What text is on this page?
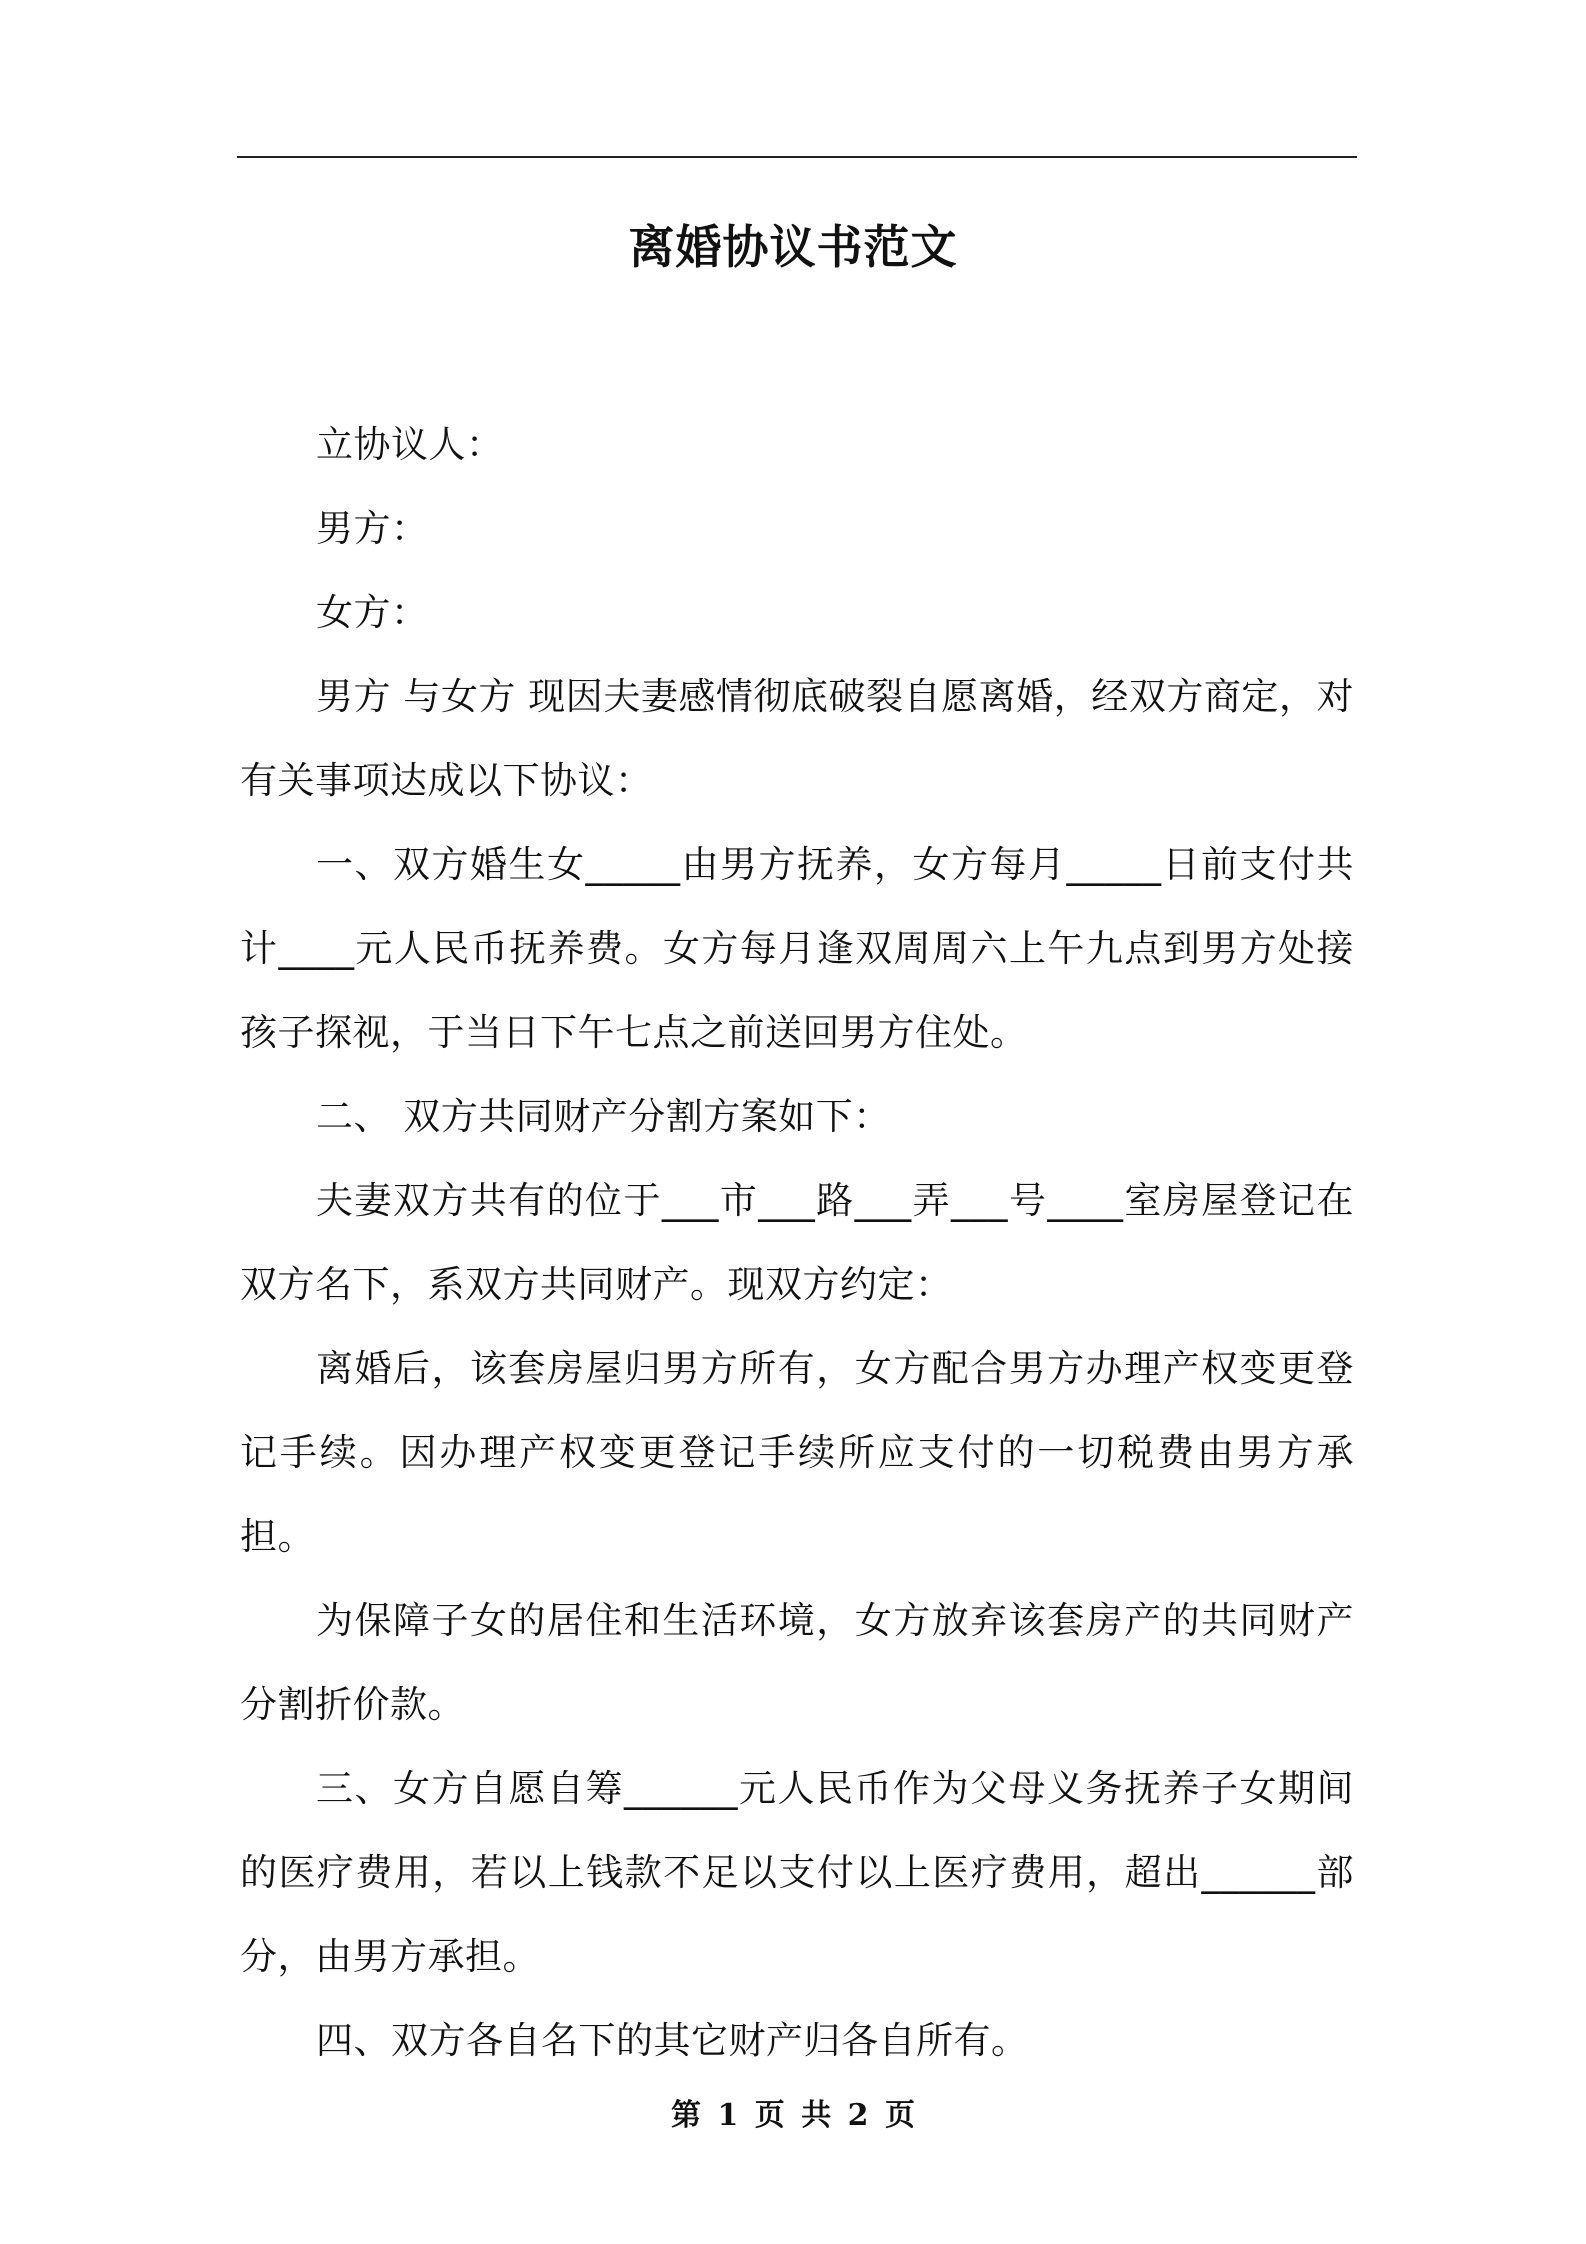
离婚协议书范文

立协议人：

男方：

女方：

男方 与女方 现因夫妻感情彻底破裂自愿离婚，经双方商定，对有关事项达成以下协议：

一、双方婚生女_____由男方抚养，女方每月_____日前支付共计____元人民币抚养费。女方每月逢双周周六上午九点到男方处接孩子探视，于当日下午七点之前送回男方住处。

二、 双方共同财产分割方案如下：

夫妻双方共有的位于___市___路___弄___号____室房屋登记在双方名下，系双方共同财产。现双方约定：

离婚后，该套房屋归男方所有，女方配合男方办理产权变更登记手续。因办理产权变更登记手续所应支付的一切税费由男方承担。

为保障子女的居住和生活环境，女方放弃该套房产的共同财产分割折价款。

三、女方自愿自筹______元人民币作为父母义务抚养子女期间的医疗费用，若以上钱款不足以支付以上医疗费用，超出______部分，由男方承担。

四、双方各自名下的其它财产归各自所有。

第 1 页 共 2 页
